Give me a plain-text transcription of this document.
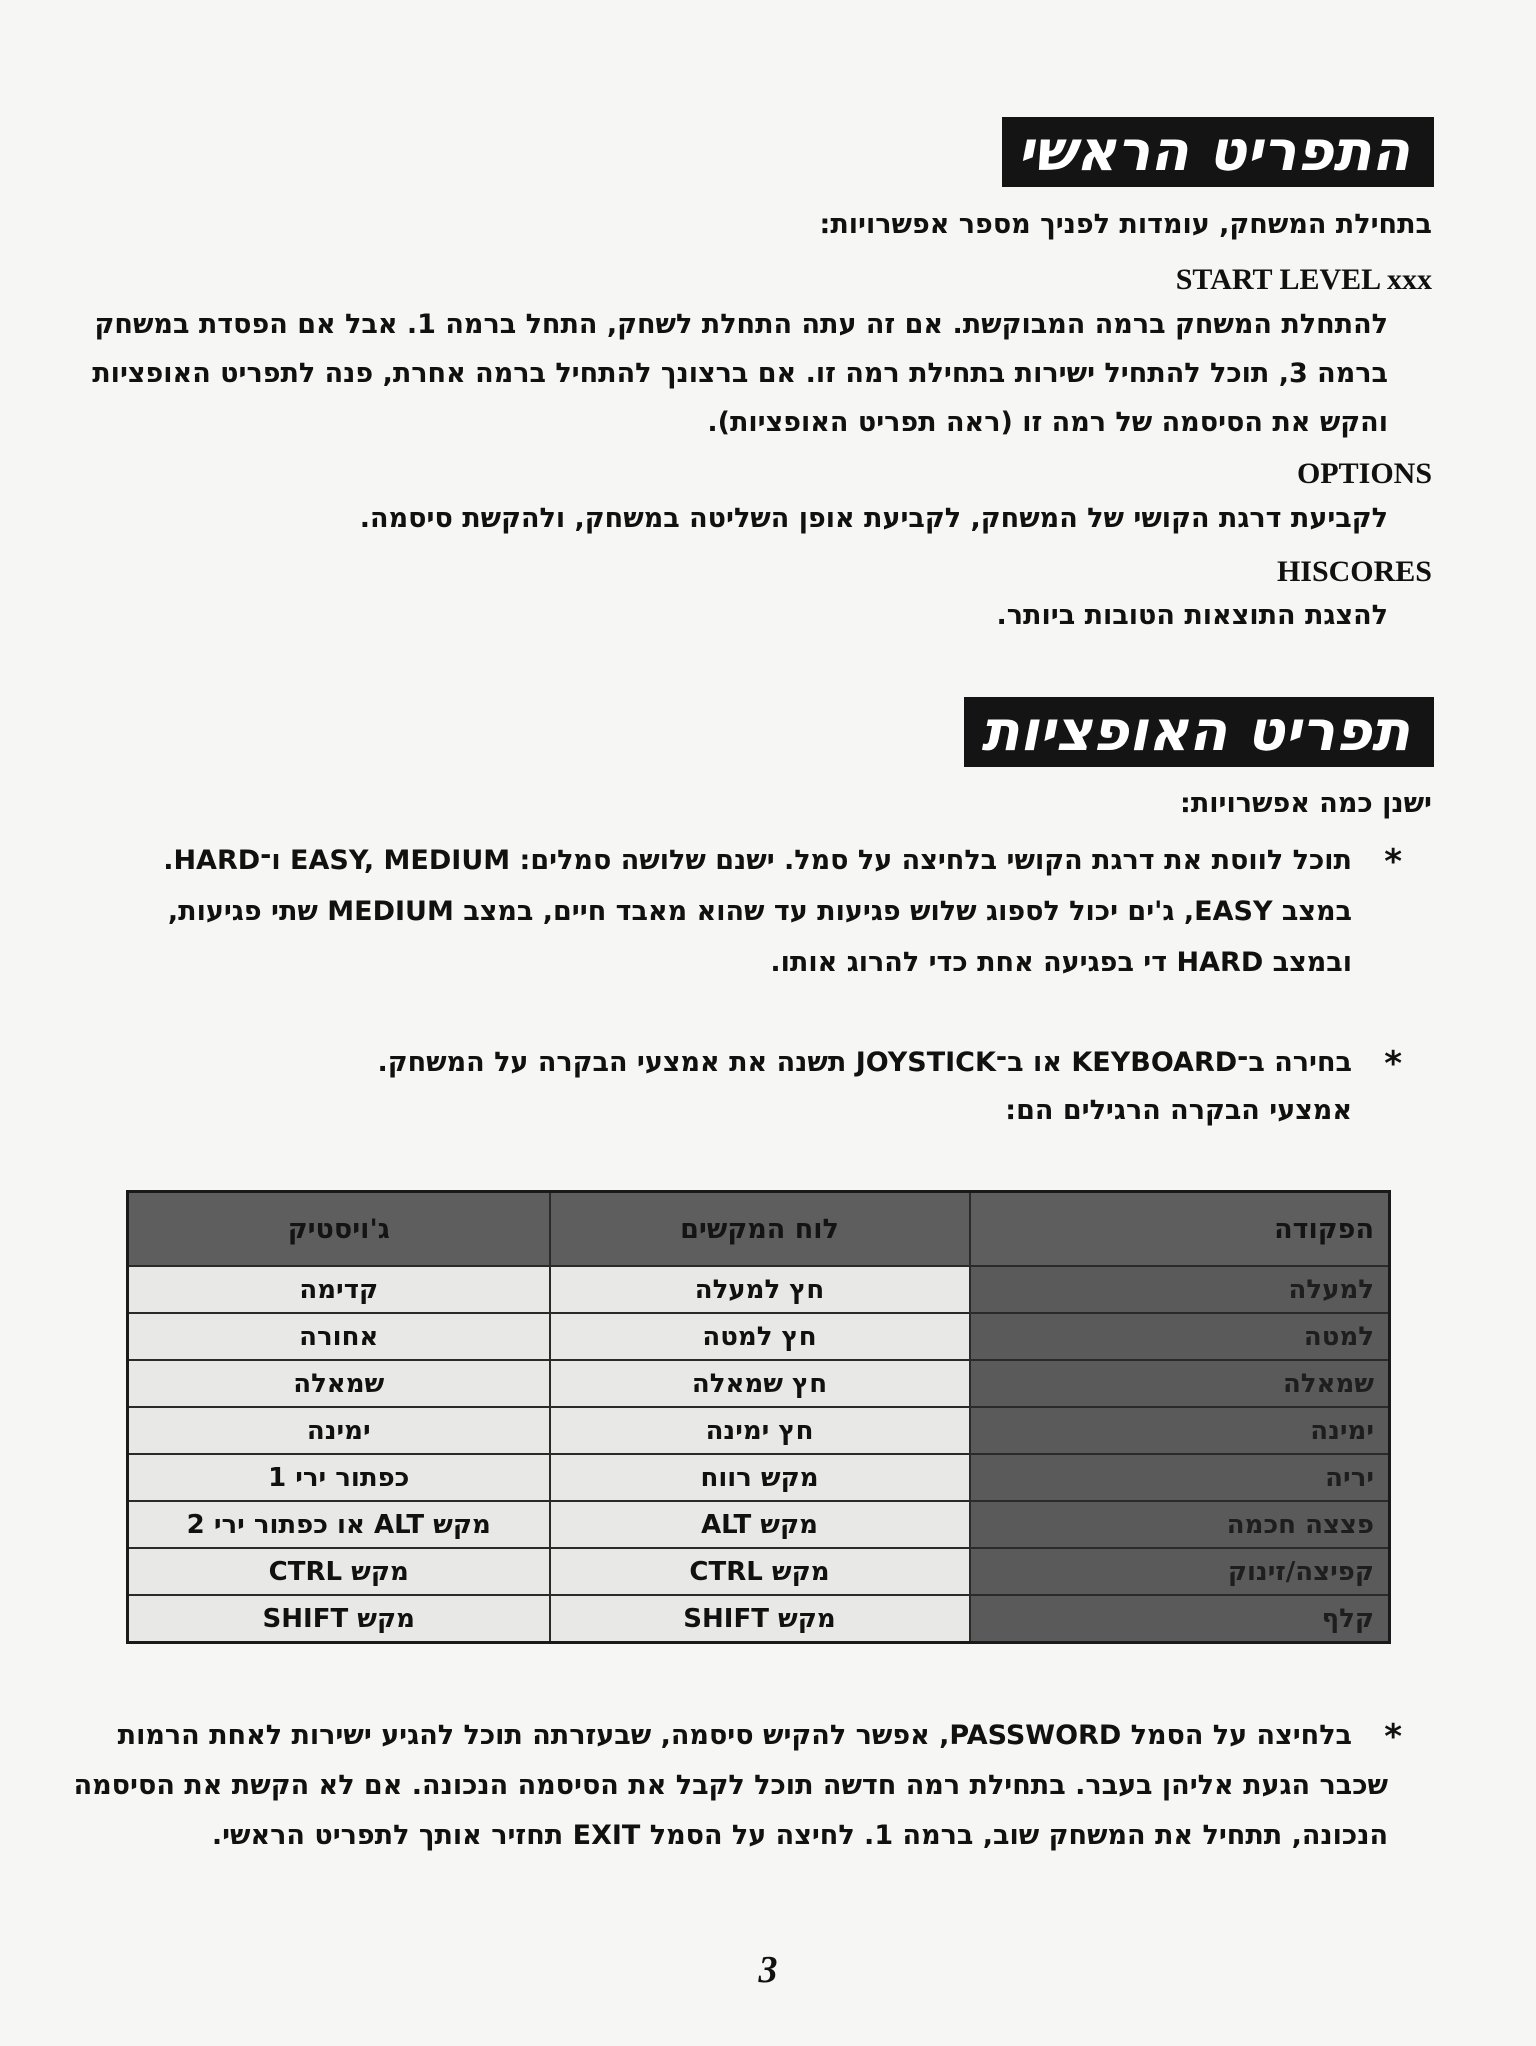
התפריט הראשי
בתחילת המשחק, עומדות לפניך מספר אפשרויות:
START LEVEL xxx
להתחלת המשחק ברמה המבוקשת. אם זה עתה התחלת לשחק, התחל ברמה 1. אבל אם הפסדת במשחק
ברמה 3, תוכל להתחיל ישירות בתחילת רמה זו. אם ברצונך להתחיל ברמה אחרת, פנה לתפריט האופציות
והקש את הסיסמה של רמה זו (ראה תפריט האופציות).
OPTIONS
לקביעת דרגת הקושי של המשחק, לקביעת אופן השליטה במשחק, ולהקשת סיסמה.
HISCORES
להצגת התוצאות הטובות ביותר.
תפריט האופציות
ישנן כמה אפשרויות:
*
תוכל לווסת את דרגת הקושי בלחיצה על סמל. ישנם שלושה סמלים: EASY, MEDIUM ו־HARD.
במצב EASY, ג'ים יכול לספוג שלוש פגיעות עד שהוא מאבד חיים, במצב MEDIUM שתי פגיעות,
ובמצב HARD די בפגיעה אחת כדי להרוג אותו.
*
בחירה ב־KEYBOARD או ב־JOYSTICK תשנה את אמצעי הבקרה על המשחק.
אמצעי הבקרה הרגילים הם:
הפקודה	לוח המקשים	ג'ויסטיק
למעלה	חץ למעלה	קדימה
למטה	חץ למטה	אחורה
שמאלה	חץ שמאלה	שמאלה
ימינה	חץ ימינה	ימינה
יריה	מקש רווח	כפתור ירי 1
פצצה חכמה	מקש ALT	מקש ALT או כפתור ירי 2
קפיצה/זינוק	מקש CTRL	מקש CTRL
קלף	מקש SHIFT	מקש SHIFT
*
בלחיצה על הסמל PASSWORD, אפשר להקיש סיסמה, שבעזרתה תוכל להגיע ישירות לאחת הרמות
שכבר הגעת אליהן בעבר. בתחילת רמה חדשה תוכל לקבל את הסיסמה הנכונה. אם לא הקשת את הסיסמה
הנכונה, תתחיל את המשחק שוב, ברמה 1. לחיצה על הסמל EXIT תחזיר אותך לתפריט הראשי.
3
